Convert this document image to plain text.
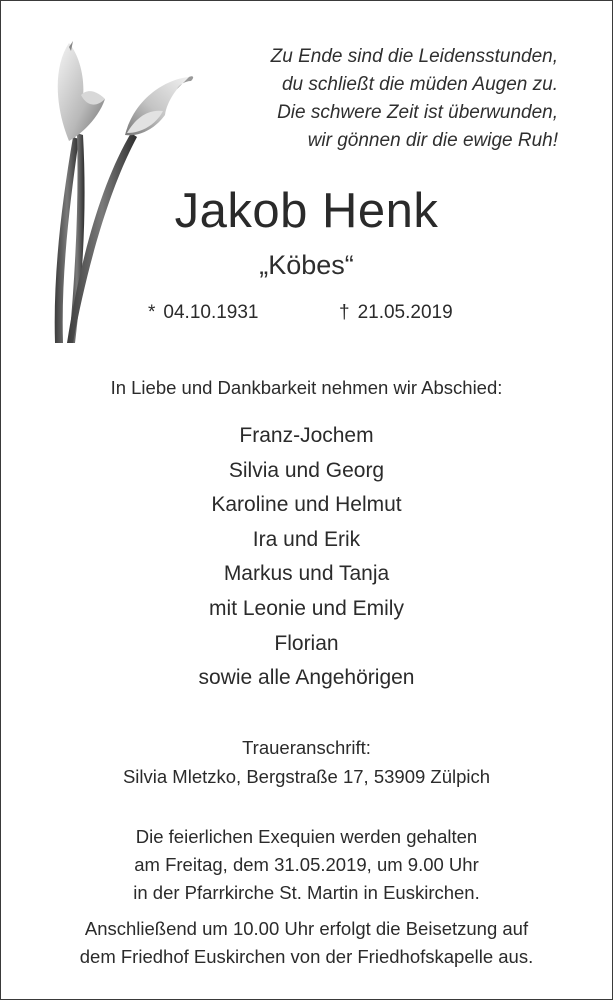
Zu Ende sind die Leidensstunden,
du schließt die müden Augen zu.
Die schwere Zeit ist überwunden,
wir gönnen dir die ewige Ruh!
Jakob Henk
„Köbes“
* 04.10.1931	† 21.05.2019
In Liebe und Dankbarkeit nehmen wir Abschied:
Franz-Jochem
Silvia und Georg
Karoline und Helmut
Ira und Erik
Markus und Tanja
mit Leonie und Emily
Florian
sowie alle Angehörigen
Traueranschrift:
Silvia Mletzko, Bergstraße 17, 53909 Zülpich
Die feierlichen Exequien werden gehalten
am Freitag, dem 31.05.2019, um 9.00 Uhr
in der Pfarrkirche St. Martin in Euskirchen.
Anschließend um 10.00 Uhr erfolgt die Beisetzung auf
dem Friedhof Euskirchen von der Friedhofskapelle aus.
